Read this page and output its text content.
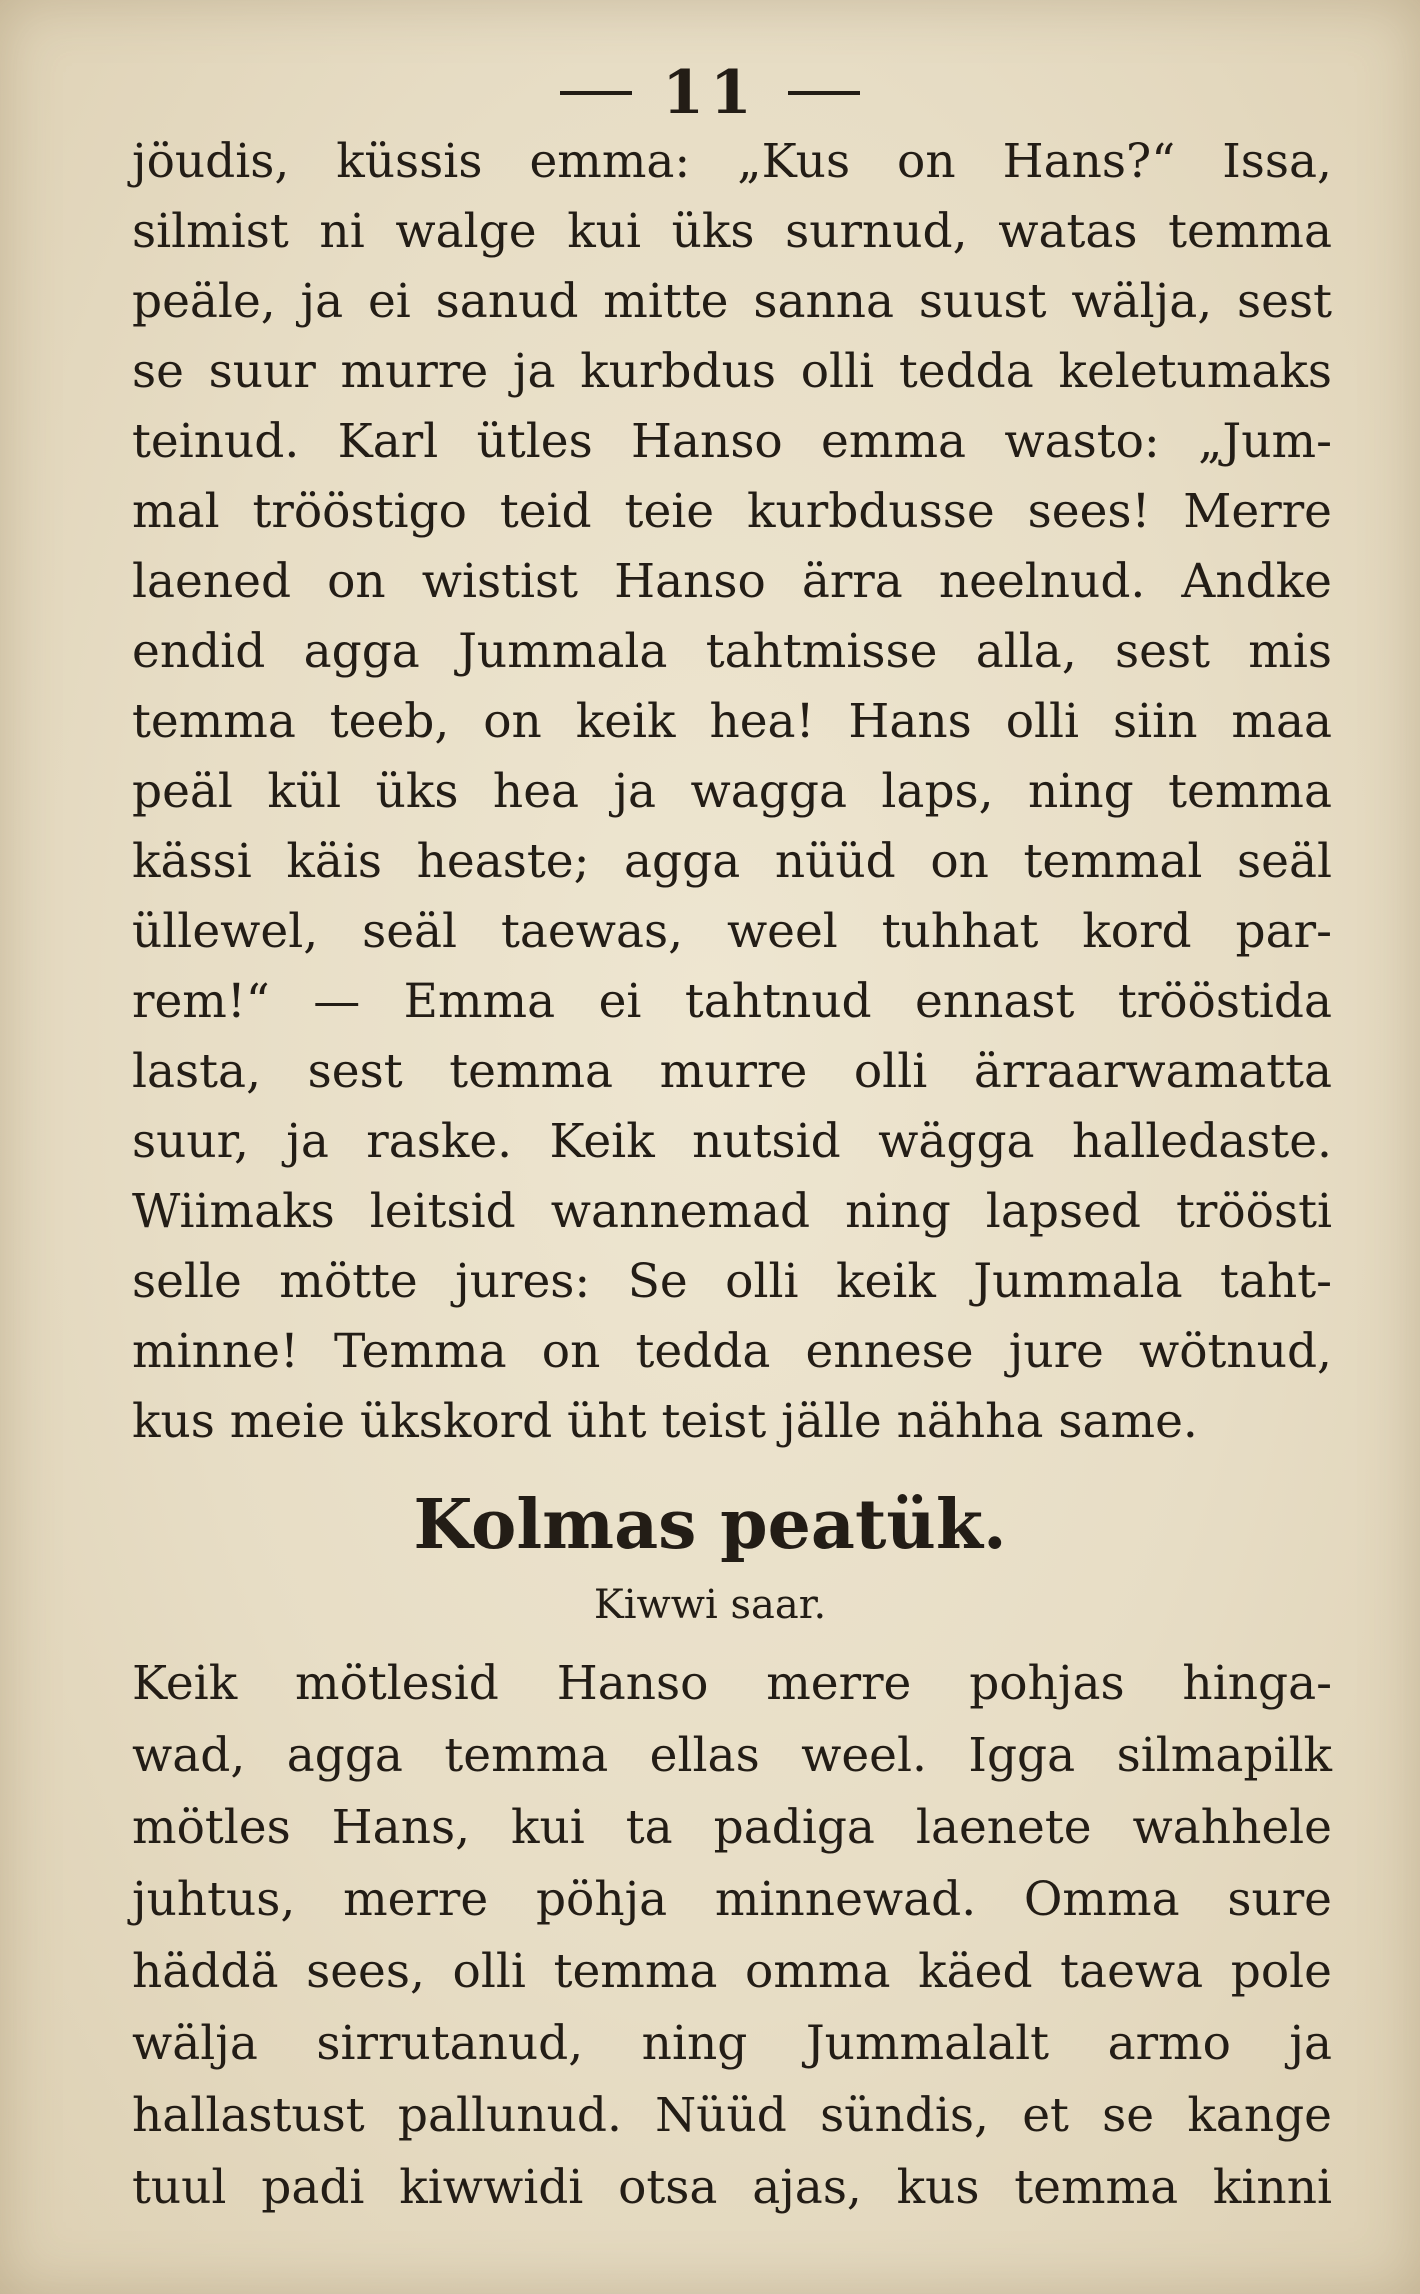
11
jöudis, küssis emma: „Kus on Hans?“ Issa,
silmist ni walge kui üks surnud, watas temma
peäle, ja ei sanud mitte sanna suust wälja, sest
se suur murre ja kurbdus olli tedda keletumaks
teinud. Karl ütles Hanso emma wasto: „Jum-
mal trööstigo teid teie kurbdusse sees! Merre
laened on wistist Hanso ärra neelnud. Andke
endid agga Jummala tahtmisse alla, sest mis
temma teeb, on keik hea! Hans olli siin maa
peäl kül üks hea ja wagga laps, ning temma
kässi käis heaste; agga nüüd on temmal seäl
üllewel, seäl taewas, weel tuhhat kord par-
rem!“ — Emma ei tahtnud ennast trööstida
lasta, sest temma murre olli ärraarwamatta
suur, ja raske. Keik nutsid wägga halledaste.
Wiimaks leitsid wannemad ning lapsed tröösti
selle mötte jures: Se olli keik Jummala taht-
minne! Temma on tedda ennese jure wötnud,
kus meie ükskord üht teist jälle nähha same.
Kolmas peatük.
Kiwwi saar.
Keik mötlesid Hanso merre pohjas hinga-
wad, agga temma ellas weel. Igga silmapilk
mötles Hans, kui ta padiga laenete wahhele
juhtus, merre pöhja minnewad. Omma sure
häddä sees, olli temma omma käed taewa pole
wälja sirrutanud, ning Jummalalt armo ja
hallastust pallunud. Nüüd sündis, et se kange
tuul padi kiwwidi otsa ajas, kus temma kinni
